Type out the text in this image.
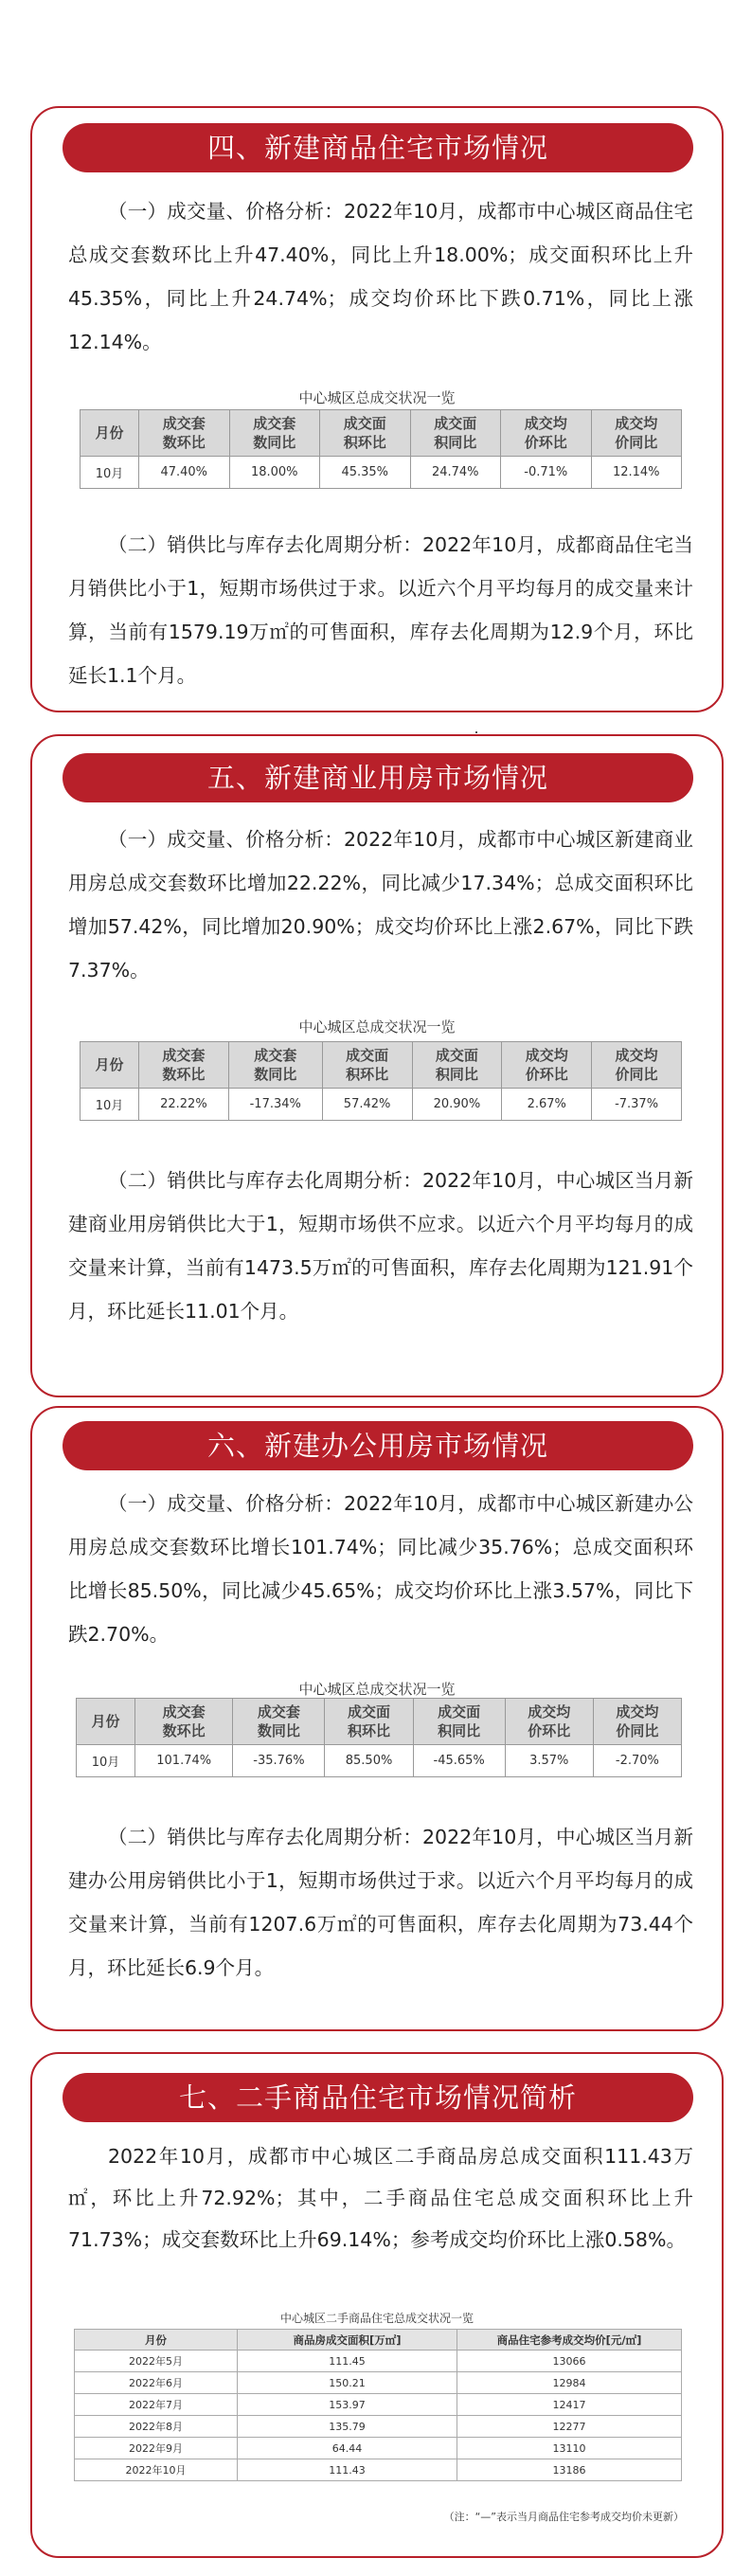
四、新建商品住宅市场情况
（一）成交量、价格分析：2022年10月，成都市中心城区商品住宅总成交套数环比上升47.40%，同比上升18.00%；成交面积环比上升45.35%，同比上升24.74%；成交均价环比下跌0.71%，同比上涨12.14%。
中心城区总成交状况一览
月份	成交套数环比	成交套数同比	成交面积环比	成交面积同比	成交均价环比	成交均价同比

10月	47.40%	18.00%	45.35%	24.74%	-0.71%	12.14%
（二）销供比与库存去化周期分析：2022年10月，成都商品住宅当月销供比小于1，短期市场供过于求。以近六个月平均每月的成交量来计算，当前有1579.19万㎡的可售面积，库存去化周期为12.9个月，环比延长1.1个月。
五、新建商业用房市场情况
（一）成交量、价格分析：2022年10月，成都市中心城区新建商业用房总成交套数环比增加22.22%，同比减少17.34%；总成交面积环比增加57.42%，同比增加20.90%；成交均价环比上涨2.67%，同比下跌7.37%。
中心城区总成交状况一览
月份	成交套数环比	成交套数同比	成交面积环比	成交面积同比	成交均价环比	成交均价同比

10月	22.22%	-17.34%	57.42%	20.90%	2.67%	-7.37%
（二）销供比与库存去化周期分析：2022年10月，中心城区当月新建商业用房销供比大于1，短期市场供不应求。以近六个月平均每月的成交量来计算，当前有1473.5万㎡的可售面积，库存去化周期为121.91个月，环比延长11.01个月。
六、新建办公用房市场情况
（一）成交量、价格分析：2022年10月，成都市中心城区新建办公用房总成交套数环比增长101.74%；同比减少35.76%；总成交面积环比增长85.50%，同比减少45.65%；成交均价环比上涨3.57%，同比下跌2.70%。
中心城区总成交状况一览
月份	成交套数环比	成交套数同比	成交面积环比	成交面积同比	成交均价环比	成交均价同比

10月	101.74%	-35.76%	85.50%	-45.65%	3.57%	-2.70%
（二）销供比与库存去化周期分析：2022年10月，中心城区当月新建办公用房销供比小于1，短期市场供过于求。以近六个月平均每月的成交量来计算，当前有1207.6万㎡的可售面积，库存去化周期为73.44个月，环比延长6.9个月。
七、二手商品住宅市场情况简析
2022年10月，成都市中心城区二手商品房总成交面积111.43万㎡，环比上升72.92%；其中，二手商品住宅总成交面积环比上升71.73%；成交套数环比上升69.14%；参考成交均价环比上涨0.58%。
中心城区二手商品住宅总成交状况一览
月份	商品房成交面积[万㎡]	商品住宅参考成交均价[元/㎡]
2022年5月	111.45	13066
2022年6月	150.21	12984
2022年7月	153.97	12417
2022年8月	135.79	12277
2022年9月	64.44	13110
2022年10月	111.43	13186
（注：“—”表示当月商品住宅参考成交均价未更新）
